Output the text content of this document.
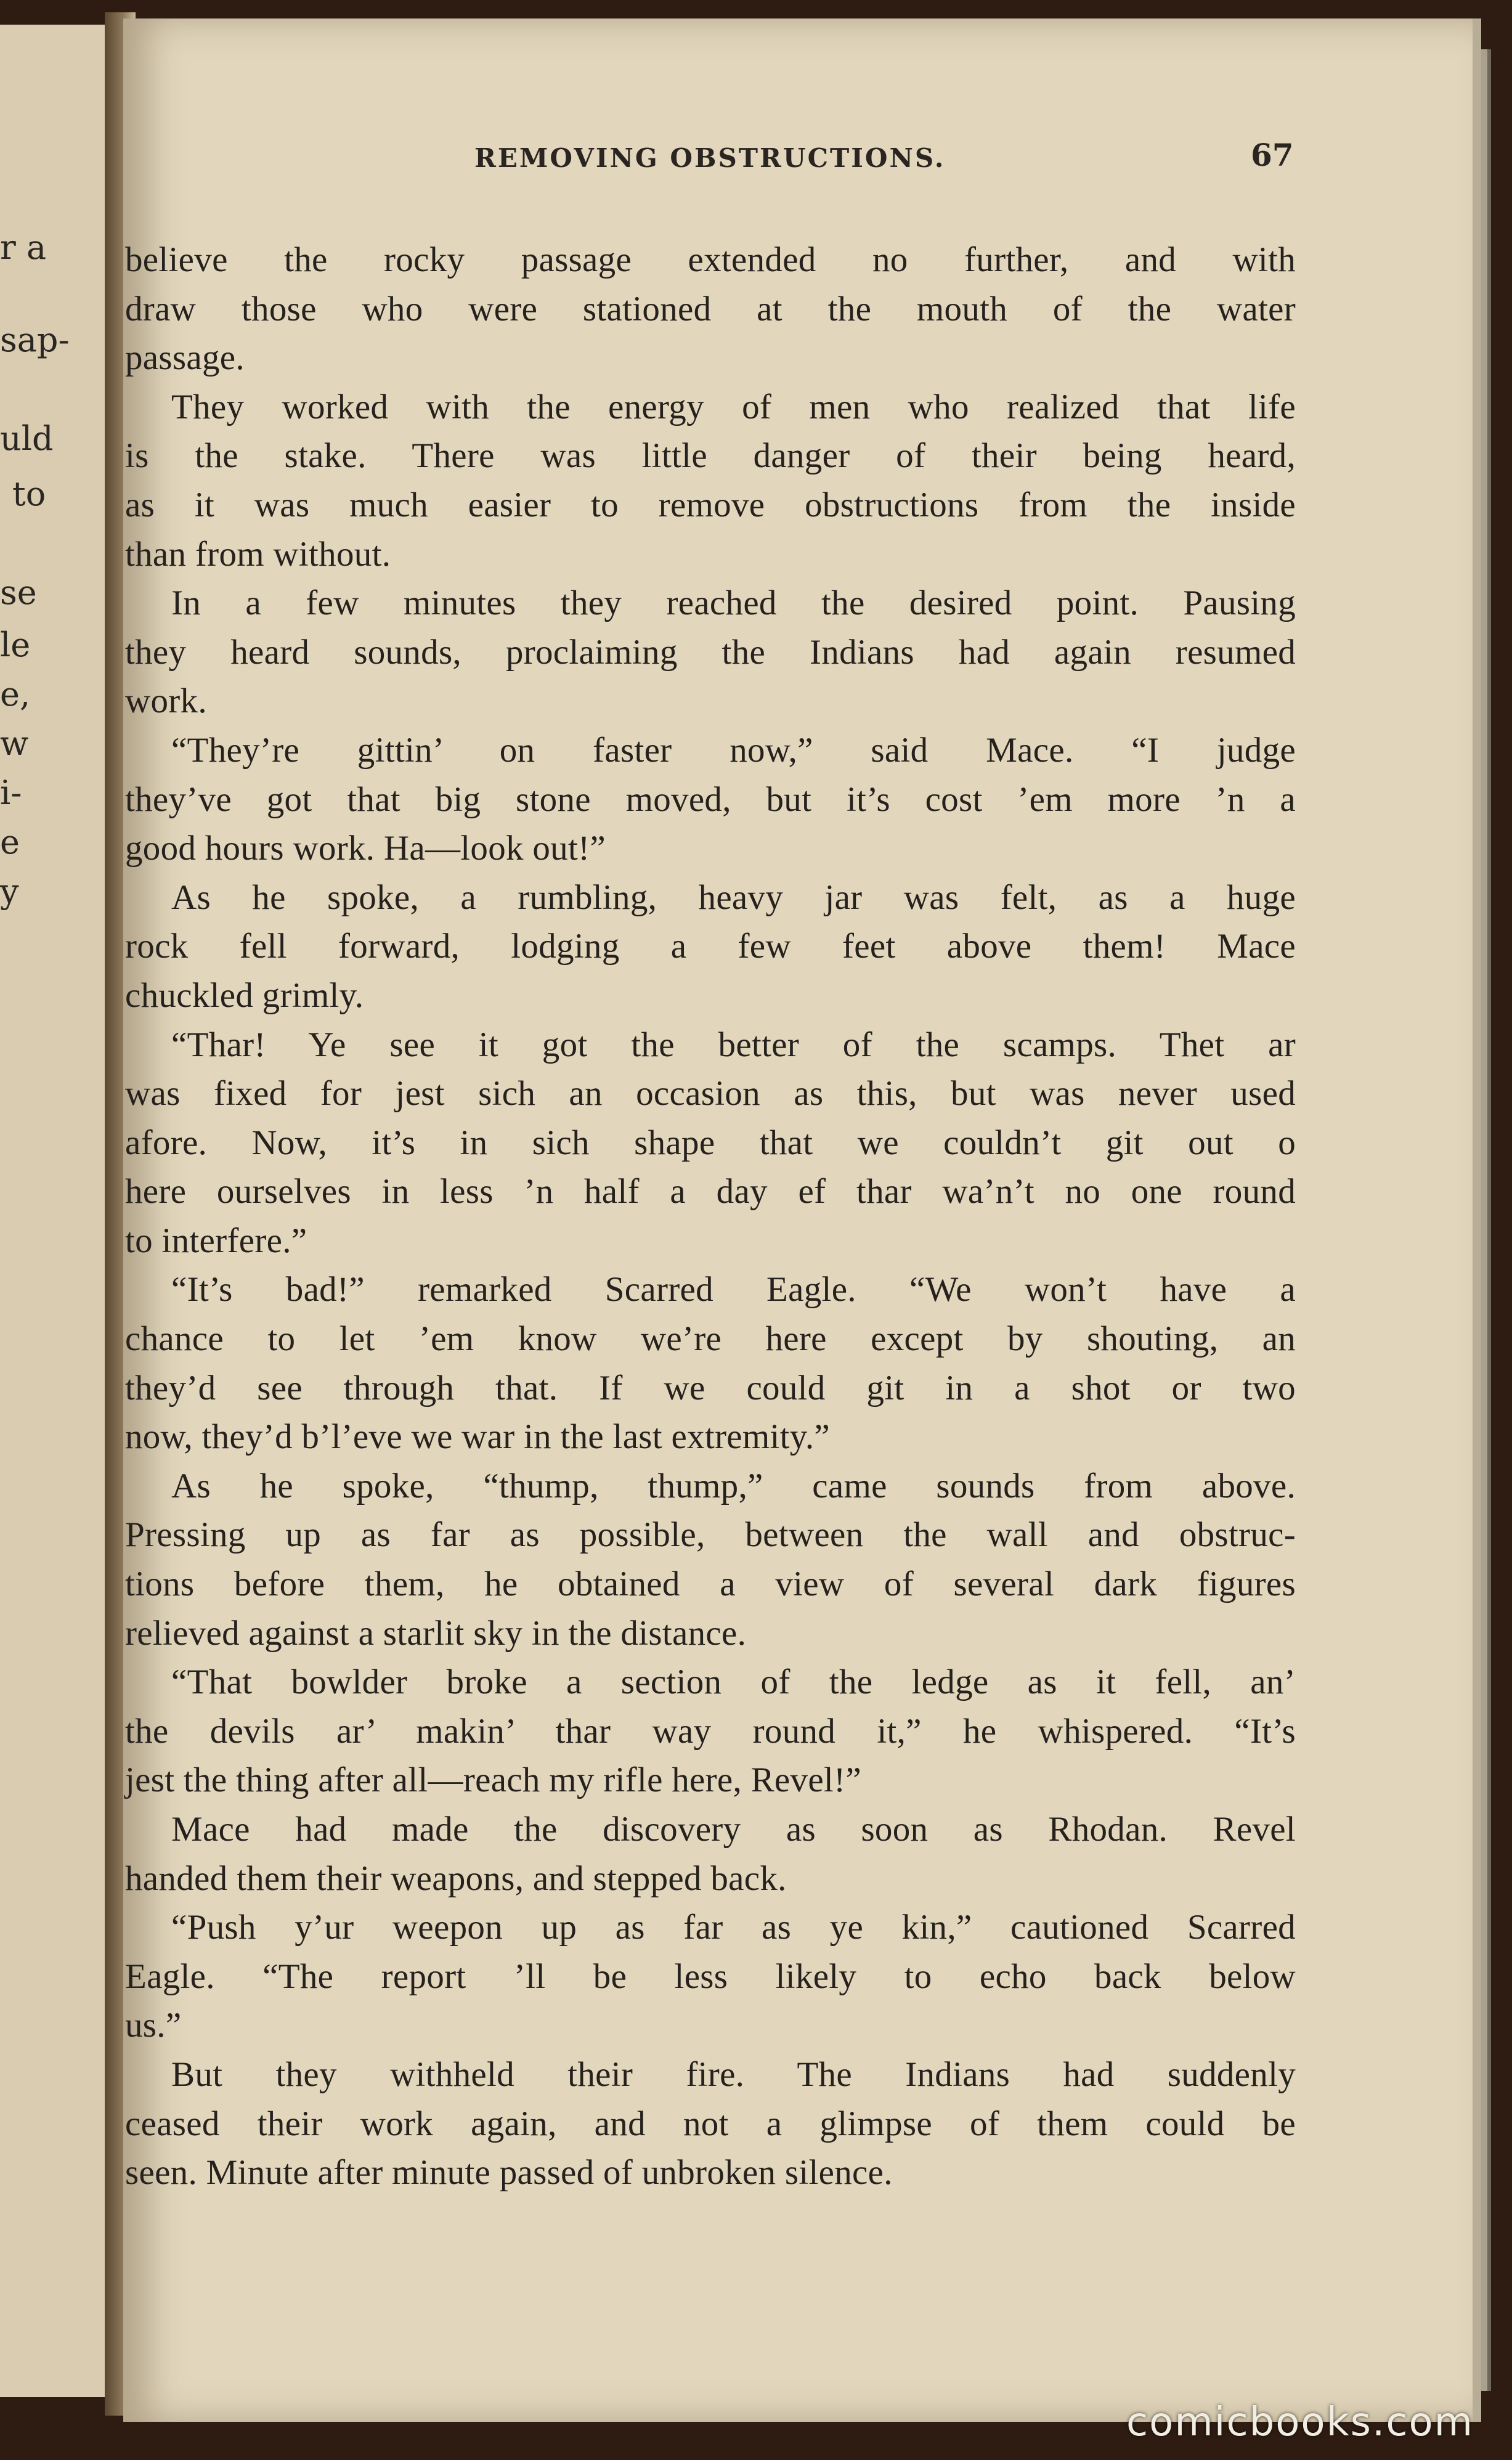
r a
sap-
uld
to
se
le
e,
w
i-
e
y
REMOVING OBSTRUCTIONS.	67
believe the rocky passage extended no further, and with
draw those who were stationed at the mouth of the water
passage.
They worked with the energy of men who realized that life
is the stake. There was little danger of their being heard,
as it was much easier to remove obstructions from the inside
than from without.
In a few minutes they reached the desired point. Pausing
they heard sounds, proclaiming the Indians had again resumed
work.
“They’re gittin’ on faster now,” said Mace. “I judge
they’ve got that big stone moved, but it’s cost ’em more ’n a
good hours work. Ha—look out!”
As he spoke, a rumbling, heavy jar was felt, as a huge
rock fell forward, lodging a few feet above them! Mace
chuckled grimly.
“Thar! Ye see it got the better of the scamps. Thet ar
was fixed for jest sich an occasion as this, but was never used
afore. Now, it’s in sich shape that we couldn’t git out o
here ourselves in less ’n half a day ef thar wa’n’t no one round
to interfere.”
“It’s bad!” remarked Scarred Eagle. “We won’t have a
chance to let ’em know we’re here except by shouting, an
they’d see through that. If we could git in a shot or two
now, they’d b’l’eve we war in the last extremity.”
As he spoke, “thump, thump,” came sounds from above.
Pressing up as far as possible, between the wall and obstruc-
tions before them, he obtained a view of several dark figures
relieved against a starlit sky in the distance.
“That bowlder broke a section of the ledge as it fell, an’
the devils ar’ makin’ thar way round it,” he whispered. “It’s
jest the thing after all—reach my rifle here, Revel!”
Mace had made the discovery as soon as Rhodan. Revel
handed them their weapons, and stepped back.
“Push y’ur weepon up as far as ye kin,” cautioned Scarred
Eagle. “The report ’ll be less likely to echo back below
us.”
But they withheld their fire. The Indians had suddenly
ceased their work again, and not a glimpse of them could be
seen. Minute after minute passed of unbroken silence.
comicbooks.com
